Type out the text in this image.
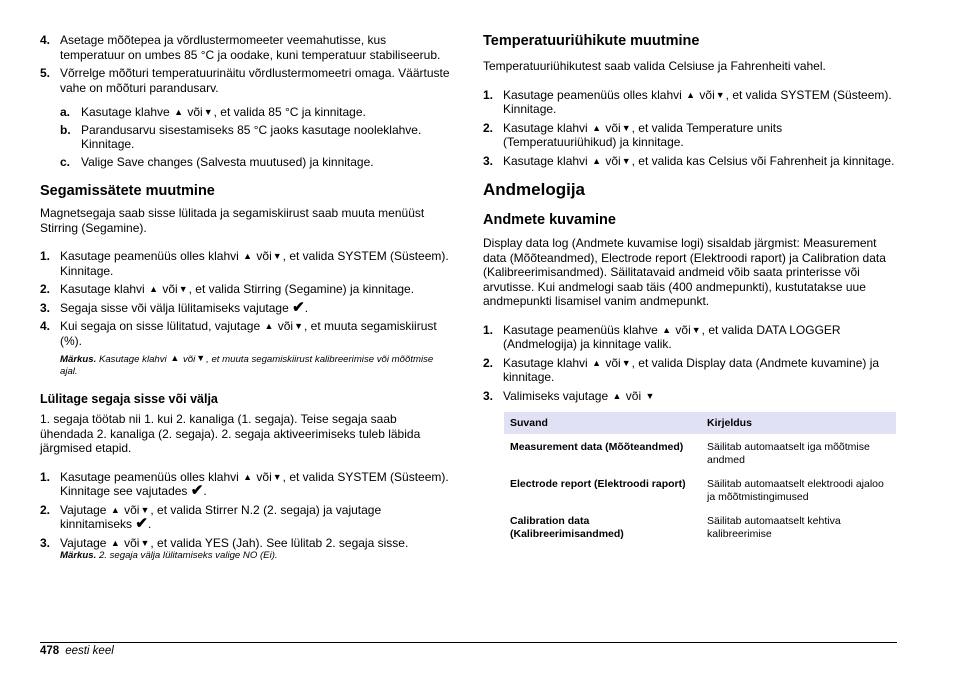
4. Asetage mõõtepea ja võrdlustermomeeter veemahutisse, kus temperatuur on umbes 85 °C ja oodake, kuni temperatuur stabiliseerub.
5. Võrrelge mõõturi temperatuurinäitu võrdlustermomeetri omaga. Väärtuste vahe on mõõturi parandusarv.
a. Kasutage klahve ▲ või▼, et valida 85 °C ja kinnitage.
b. Parandusarvu sisestamiseks 85 °C jaoks kasutage nooleklahve. Kinnitage.
c. Valige Save changes (Salvesta muutused) ja kinnitage.
Segamissätete muutmine

Magnetsegaja saab sisse lülitada ja segamiskiirust saab muuta menüüst Stirring (Segamine).

1. Kasutage peamenüüs olles klahvi ▲ või▼, et valida SYSTEM (Süsteem). Kinnitage.
2. Kasutage klahvi ▲ või▼, et valida Stirring (Segamine) ja kinnitage.
3. Segaja sisse või välja lülitamiseks vajutage ✔.
4. Kui segaja on sisse lülitatud, vajutage ▲ või▼, et muuta segamiskiirust (%).

Märkus. Kasutage klahvi ▲ või▼, et muuta segamiskiirust kalibreerimise või mõõtmise ajal.

Lülitage segaja sisse või välja

1. segaja töötab nii 1. kui 2. kanaliga (1. segaja). Teise segaja saab ühendada 2. kanaliga (2. segaja). 2. segaja aktiveerimiseks tuleb läbida järgmised etapid.

1. Kasutage peamenüüs olles klahvi ▲ või▼, et valida SYSTEM (Süsteem). Kinnitage see vajutades ✔.
2. Vajutage ▲ või▼, et valida Stirrer N.2 (2. segaja) ja vajutage kinnitamiseks ✔.
3. Vajutage ▲ või▼, et valida YES (Jah). See lülitab 2. segaja sisse.

Märkus. 2. segaja välja lülitamiseks valige NO (Ei).

Temperatuuriühikute muutmine

Temperatuuriühikutest saab valida Celsiuse ja Fahrenheiti vahel.

1. Kasutage peamenüüs olles klahvi ▲ või▼, et valida SYSTEM (Süsteem). Kinnitage.
2. Kasutage klahvi ▲ või▼, et valida Temperature units (Temperatuuriühikud) ja kinnitage.
3. Kasutage klahvi ▲ või▼, et valida kas Celsius või Fahrenheit ja kinnitage.
Andmelogija
Andmete kuvamine

Display data log (Andmete kuvamise logi) sisaldab järgmist: Measurement data (Mõõteandmed), Electrode report (Elektroodi raport) ja Calibration data (Kalibreerimisandmed). Säilitatavaid andmeid võib saata printerisse või arvutisse. Kui andmelogi saab täis (400 andmepunkti), kustutatakse uue andmepunkti lisamisel vanim andmepunkt.

1. Kasutage peamenüüs klahve ▲ või▼, et valida DATA LOGGER (Andmelogija) ja kinnitage valik.
2. Kasutage klahvi ▲ või▼, et valida Display data (Andmete kuvamine) ja kinnitage.
3. Valimiseks vajutage ▲ või ▼
Suvand	Kirjeldus
Measurement data (Mõõteandmed)	Säilitab automaatselt iga mõõtmise andmed
Electrode report (Elektroodi raport)	Säilitab automaatselt elektroodi ajaloo ja mõõtmistingimused
Calibration data (Kalibreerimisandmed)	Säilitab automaatselt kehtiva kalibreerimise
478 eesti keel
